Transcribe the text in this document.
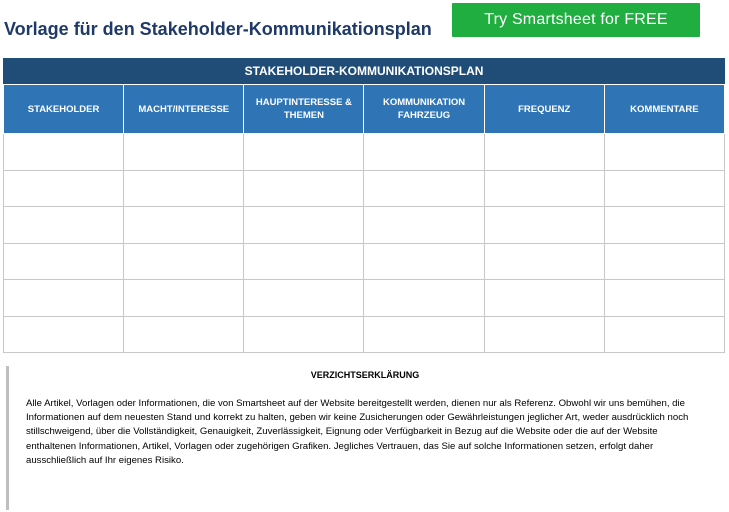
Vorlage für den Stakeholder-Kommunikationsplan	Try Smartsheet for FREE
STAKEHOLDER-KOMMUNIKATIONSPLAN
STAKEHOLDER	MACHT/INTERESSE	HAUPTINTERESSE & THEMEN	KOMMUNIKATION FAHRZEUG	FREQUENZ	KOMMENTARE

VERZICHTSERKLÄRUNG
Alle Artikel, Vorlagen oder Informationen, die von Smartsheet auf der Website bereitgestellt werden, dienen nur als Referenz. Obwohl wir uns bemühen, die Informationen auf dem neuesten Stand und korrekt zu halten, geben wir keine Zusicherungen oder Gewährleistungen jeglicher Art, weder ausdrücklich noch stillschweigend, über die Vollständigkeit, Genauigkeit, Zuverlässigkeit, Eignung oder Verfügbarkeit in Bezug auf die Website oder die auf der Website enthaltenen Informationen, Artikel, Vorlagen oder zugehörigen Grafiken. Jegliches Vertrauen, das Sie auf solche Informationen setzen, erfolgt daher ausschließlich auf Ihr eigenes Risiko.
